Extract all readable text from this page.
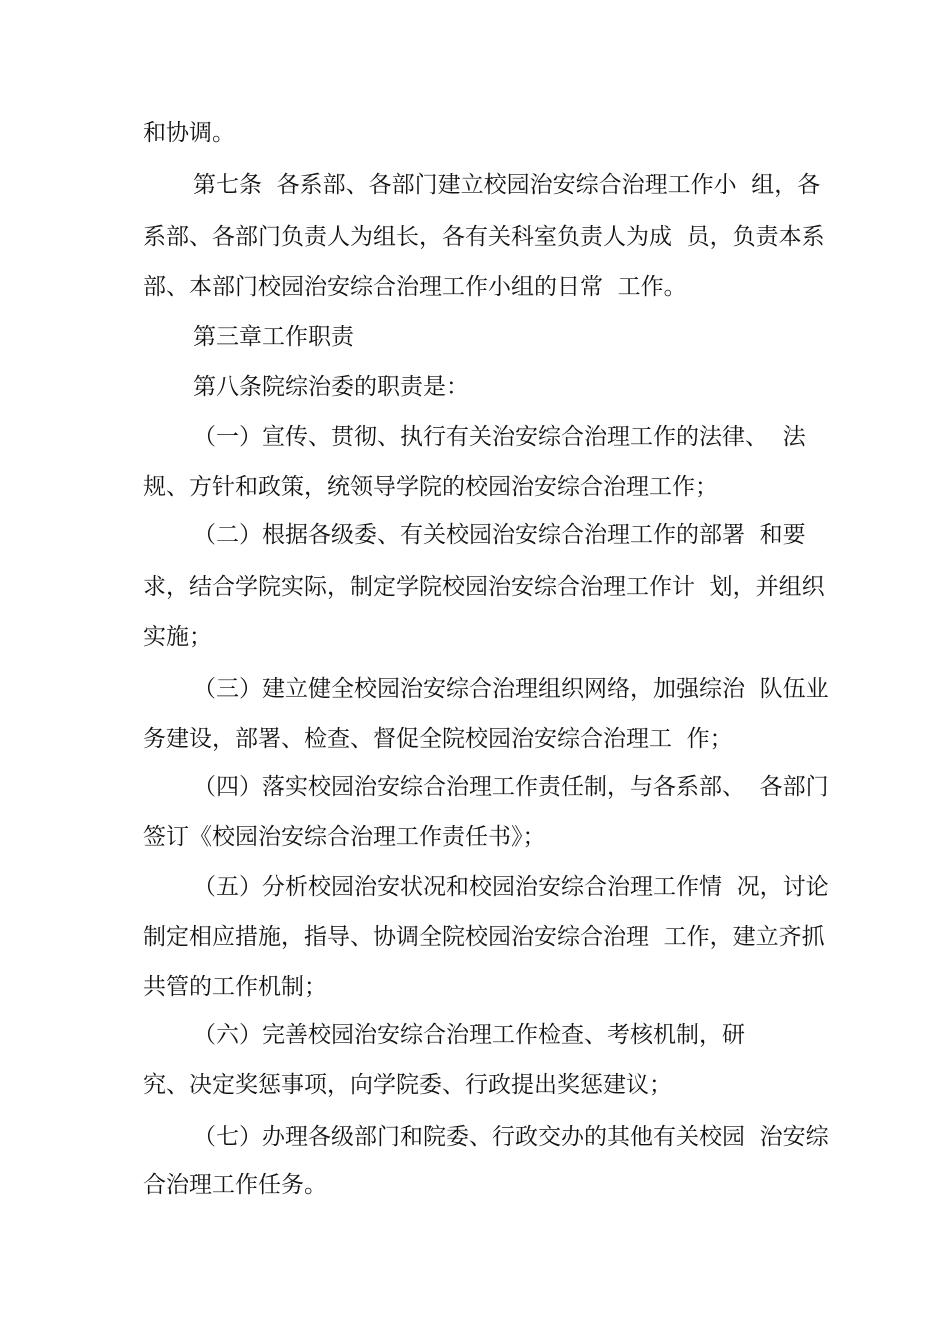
和协调。
第七条  各系部、各部门建立校园治安综合治理工作小  组，各
系部、各部门负责人为组长，各有关科室负责人为成  员，负责本系
部、本部门校园治安综合治理工作小组的日常  工作。
第三章工作职责
第八条院综治委的职责是：
（一）宣传、贯彻、执行有关治安综合治理工作的法律、  法
规、方针和政策，统领导学院的校园治安综合治理工作；
（二）根据各级委、有关校园治安综合治理工作的部署  和要
求，结合学院实际，制定学院校园治安综合治理工作计  划，并组织
实施；
（三）建立健全校园治安综合治理组织网络，加强综治  队伍业
务建设，部署、检查、督促全院校园治安综合治理工  作；
（四）落实校园治安综合治理工作责任制，与各系部、  各部门
签订《校园治安综合治理工作责任书》；
（五）分析校园治安状况和校园治安综合治理工作情  况，讨论
制定相应措施，指导、协调全院校园治安综合治理  工作，建立齐抓
共管的工作机制；
（六）完善校园治安综合治理工作检查、考核机制，研
究、决定奖惩事项，向学院委、行政提出奖惩建议；
（七）办理各级部门和院委、行政交办的其他有关校园  治安综
合治理工作任务。
